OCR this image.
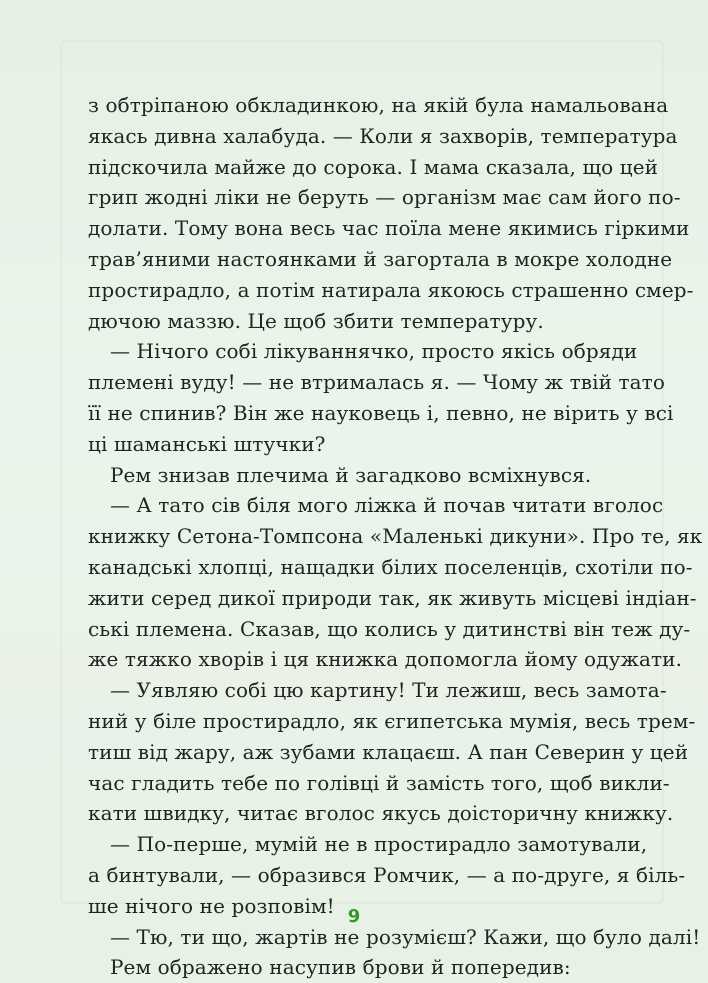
з обтріпаною обкладинкою, на якій була намальована
якась дивна халабуда. — Коли я захворів, температура
підскочила майже до сорока. І мама сказала, що цей
грип жодні ліки не беруть — організм має сам його по-
долати. Тому вона весь час поїла мене якимись гіркими
трав’яними настоянками й загортала в мокре холодне
простирадло, а потім натирала якоюсь страшенно смер-
дючою маззю. Це щоб збити температуру.
— Нічого собі лікуваннячко, просто якісь обряди
племені вуду! — не втрималась я. — Чому ж твій тато
її не спинив? Він же науковець і, певно, не вірить у всі
ці шаманські штучки?
Рем знизав плечима й загадково всміхнувся.
— А тато сів біля мого ліжка й почав читати вголос
книжку Сетона-Томпсона «Маленькі дикуни». Про те, як
канадські хлопці, нащадки білих поселенців, схотіли по-
жити серед дикої природи так, як живуть місцеві індіан-
ські племена. Сказав, що колись у дитинстві він теж ду-
же тяжко хворів і ця книжка допомогла йому одужати.
— Уявляю собі цю картину! Ти лежиш, весь замота-
ний у біле простирадло, як єгипетська мумія, весь трем-
тиш від жару, аж зубами клацаєш. А пан Северин у цей
час гладить тебе по голівці й замість того, щоб викли-
кати швидку, читає вголос якусь доісторичну книжку.
— По-перше, мумій не в простирадло замотували,
а бинтували, — образився Ромчик, — а по-друге, я біль-
ше нічого не розповім!
— Тю, ти що, жартів не розумієш? Кажи, що було далі!
Рем ображено насупив брови й попередив:
9
